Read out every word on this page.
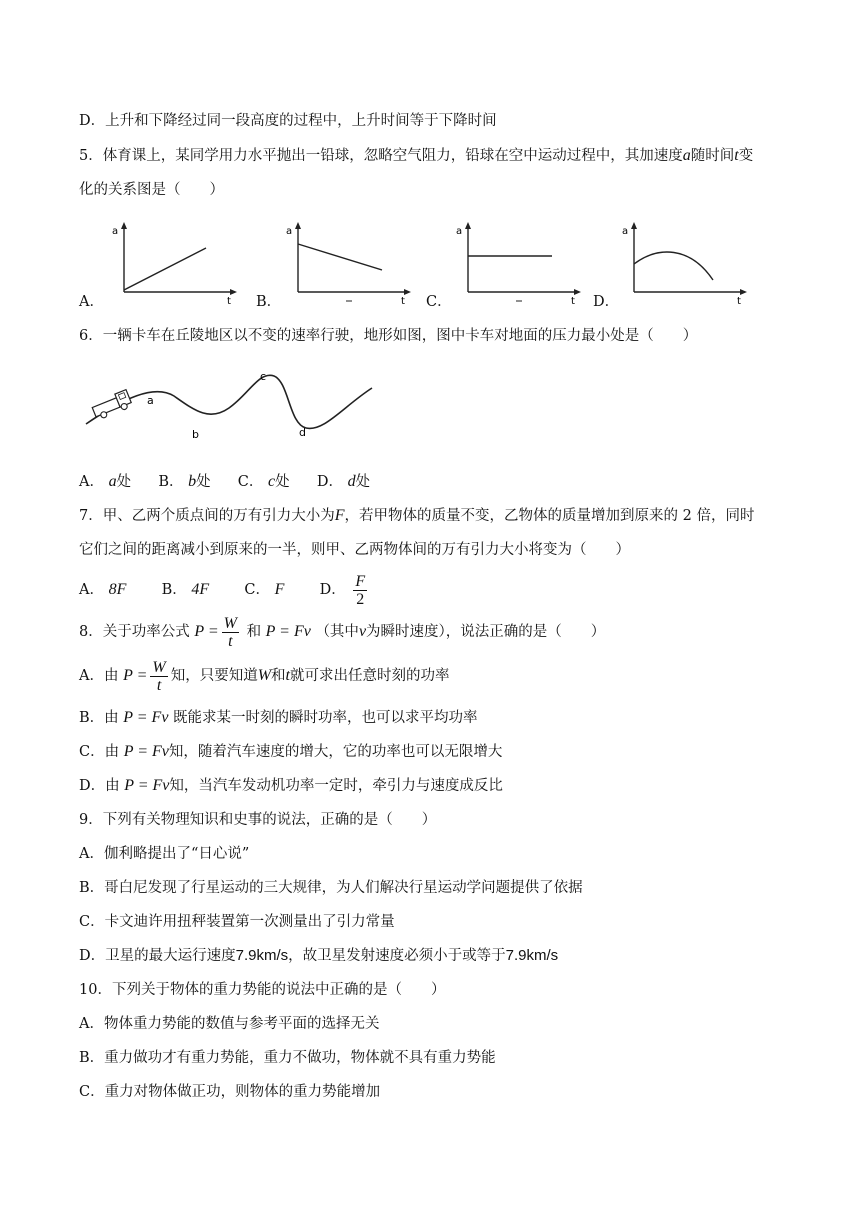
D．上升和下降经过同一段高度的过程中，上升时间等于下降时间
5．体育课上，某同学用力水平抛出一铅球，忽略空气阻力，铅球在空中运动过程中，其加速度a随时间t变
化的关系图是（　　）
a
t
A．
a
t
B．
a
t
C．
a
t
D．
6．一辆卡车在丘陵地区以不变的速率行驶，地形如图，图中卡车对地面的压力最小处是（　　）
a
b
c
d
A． a处 B． b处 C． c处 D． d处
7．甲、乙两个质点间的万有引力大小为F，若甲物体的质量不变，乙物体的质量增加到原来的 2 倍，同时
它们之间的距离减小到原来的一半，则甲、乙两物体间的万有引力大小将变为（　　）
A． 8F B． 4F C． F D． $\frac{F}{2}$
8．关于功率公式 $P = \frac{W}{t}$ 和 P = Fv （其中v为瞬时速度），说法正确的是（　　）
A．由 $P = \frac{W}{t}$ 知，只要知道W和t就可求出任意时刻的功率
B．由 P = Fv 既能求某一时刻的瞬时功率，也可以求平均功率
C．由 P = Fv知，随着汽车速度的增大，它的功率也可以无限增大
D．由 P = Fv知，当汽车发动机功率一定时，牵引力与速度成反比
9．下列有关物理知识和史事的说法，正确的是（　　）
A．伽利略提出了“日心说”
B．哥白尼发现了行星运动的三大规律，为人们解决行星运动学问题提供了依据
C．卡文迪许用扭秤装置第一次测量出了引力常量
D．卫星的最大运行速度7.9km/s，故卫星发射速度必须小于或等于7.9km/s
10．下列关于物体的重力势能的说法中正确的是（　　）
A．物体重力势能的数值与参考平面的选择无关
B．重力做功才有重力势能，重力不做功，物体就不具有重力势能
C．重力对物体做正功，则物体的重力势能增加
